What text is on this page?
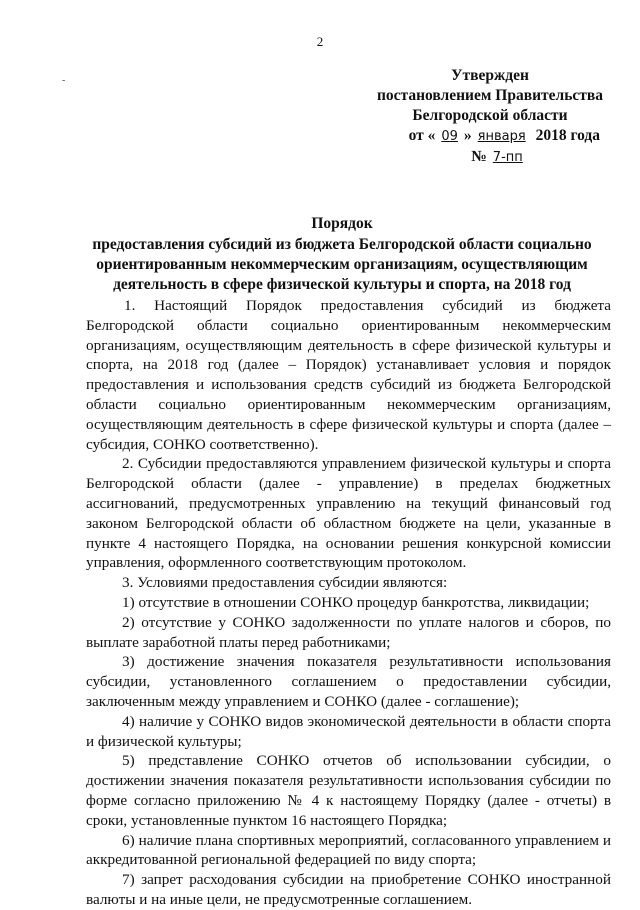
2
-	Утвержден
постановлением Правительства
Белгородской области
от « 09 » января 2018 года
№ 7-пп
Порядок
предоставления субсидий из бюджета Белгородской области социально ориентированным некоммерческим организациям, осуществляющим деятельность в сфере физической культуры и спорта, на 2018 год

1. Настоящий Порядок предоставления субсидий из бюджета Белгородской области социально ориентированным некоммерческим организациям, осуществляющим деятельность в сфере физической культуры и спорта, на 2018 год (далее – Порядок) устанавливает условия и порядок предоставления и использования средств субсидий из бюджета Белгородской области социально ориентированным некоммерческим организациям, осуществляющим деятельность в сфере физической культуры и спорта (далее – субсидия, СОНКО соответственно).

2. Субсидии предоставляются управлением физической культуры и спорта Белгородской области (далее - управление) в пределах бюджетных ассигнований, предусмотренных управлению на текущий финансовый год законом Белгородской области об областном бюджете на цели, указанные в пункте 4 настоящего Порядка, на основании решения конкурсной комиссии управления, оформленного соответствующим протоколом.

3. Условиями предоставления субсидии являются:

1) отсутствие в отношении СОНКО процедур банкротства, ликвидации;

2) отсутствие у СОНКО задолженности по уплате налогов и сборов, по выплате заработной платы перед работниками;

3) достижение значения показателя результативности использования субсидии, установленного соглашением о предоставлении субсидии, заключенным между управлением и СОНКО (далее - соглашение);

4) наличие у СОНКО видов экономической деятельности в области спорта и физической культуры;

5) представление СОНКО отчетов об использовании субсидии, о достижении значения показателя результативности использования субсидии по форме согласно приложению № 4 к настоящему Порядку (далее - отчеты) в сроки, установленные пунктом 16 настоящего Порядка;

6) наличие плана спортивных мероприятий, согласованного управлением и аккредитованной региональной федерацией по виду спорта;

7) запрет расходования субсидии на приобретение СОНКО иностранной валюты и на иные цели, не предусмотренные соглашением.
